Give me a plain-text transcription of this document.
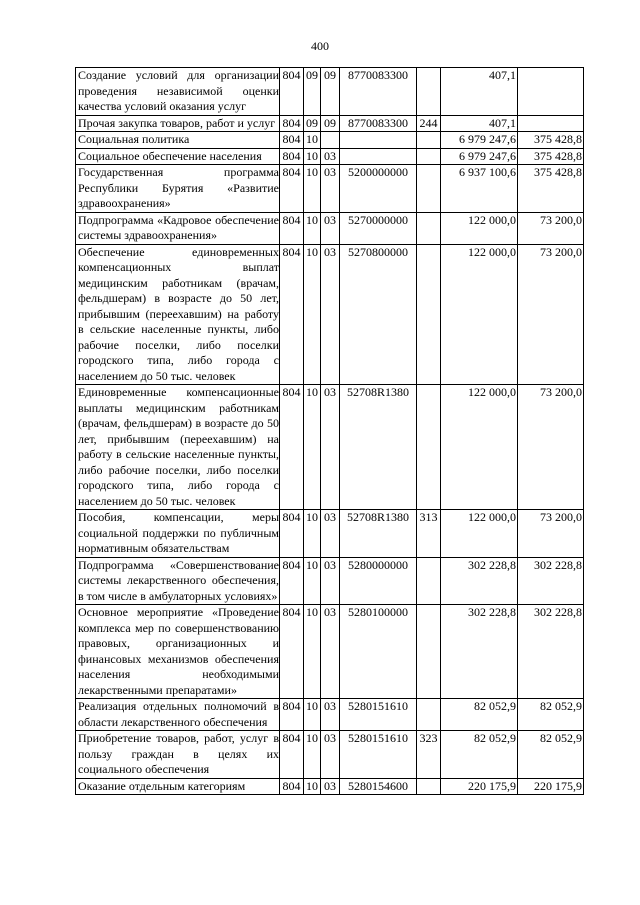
400
Создание условий для организации проведения независимой оценки качества условий оказания услуг	804	09	09	8770083300		407,1	
Прочая закупка товаров, работ и услуг	804	09	09	8770083300	244	407,1	
Социальная политика	804	10				6 979 247,6	375 428,8
Социальное обеспечение населения	804	10	03			6 979 247,6	375 428,8
Государственная программа Республики Бурятия «Развитие здравоохранения»	804	10	03	5200000000		6 937 100,6	375 428,8
Подпрограмма «Кадровое обеспечение системы здравоохранения»	804	10	03	5270000000		122 000,0	73 200,0
Обеспечение единовременных компенсационных выплат медицинским работникам (врачам, фельдшерам) в возрасте до 50 лет, прибывшим (переехавшим) на работу в сельские населенные пункты, либо рабочие поселки, либо поселки городского типа, либо города с населением до 50 тыс. человек	804	10	03	5270800000		122 000,0	73 200,0
Единовременные компенсационные выплаты медицинским работникам (врачам, фельдшерам) в возрасте до 50 лет, прибывшим (переехавшим) на работу в сельские населенные пункты, либо рабочие поселки, либо поселки городского типа, либо города с населением до 50 тыс. человек	804	10	03	52708R1380		122 000,0	73 200,0
Пособия, компенсации, меры социальной поддержки по публичным нормативным обязательствам	804	10	03	52708R1380	313	122 000,0	73 200,0
Подпрограмма «Совершенствование системы лекарственного обеспечения, в том числе в амбулаторных условиях»	804	10	03	5280000000		302 228,8	302 228,8
Основное мероприятие «Проведение комплекса мер по совершенствованию правовых, организационных и финансовых механизмов обеспечения населения необходимыми лекарственными препаратами»	804	10	03	5280100000		302 228,8	302 228,8
Реализация отдельных полномочий в области лекарственного обеспечения	804	10	03	5280151610		82 052,9	82 052,9
Приобретение товаров, работ, услуг в пользу граждан в целях их социального обеспечения	804	10	03	5280151610	323	82 052,9	82 052,9
Оказание отдельным категориям	804	10	03	5280154600		220 175,9	220 175,9
